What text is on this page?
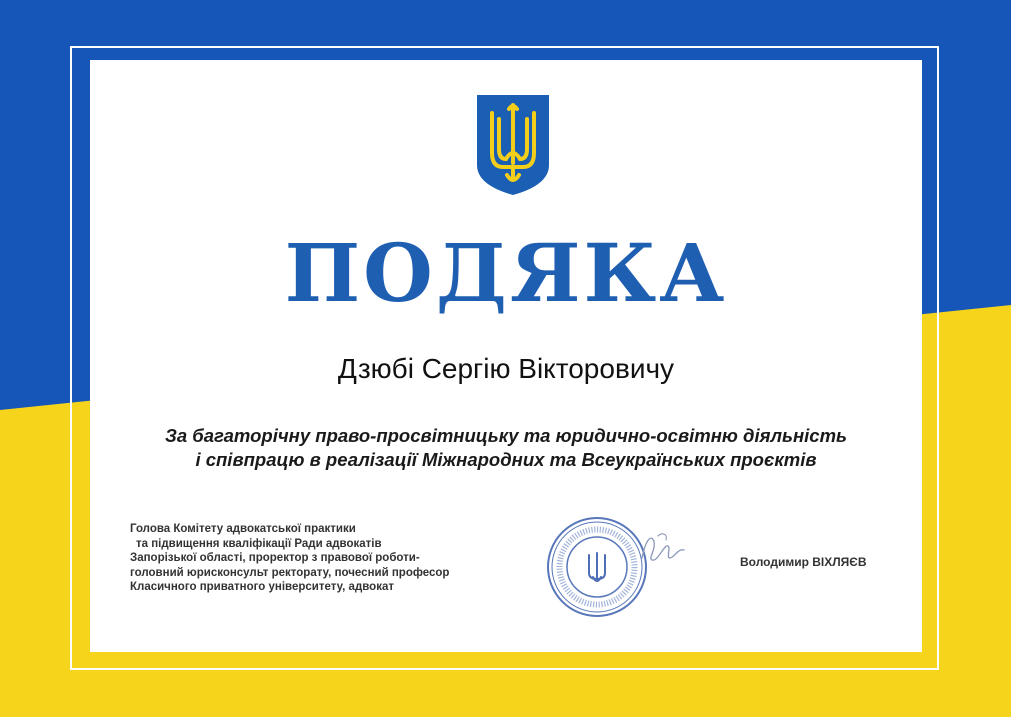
ПОДЯКА
Дзюбі Сергію Вікторовичу
За багаторічну право-просвітницьку та юридично-освітню діяльність
і співпрацю в реалізації Міжнародних та Всеукраїнських проєктів
Голова Комітету адвокатської практики
та підвищення кваліфікації Ради адвокатів
Запорізької області, проректор з правової роботи-
головний юрисконсульт ректорату, почесний професор
Класичного приватного університету, адвокат
Володимир ВІХЛЯЄВ
